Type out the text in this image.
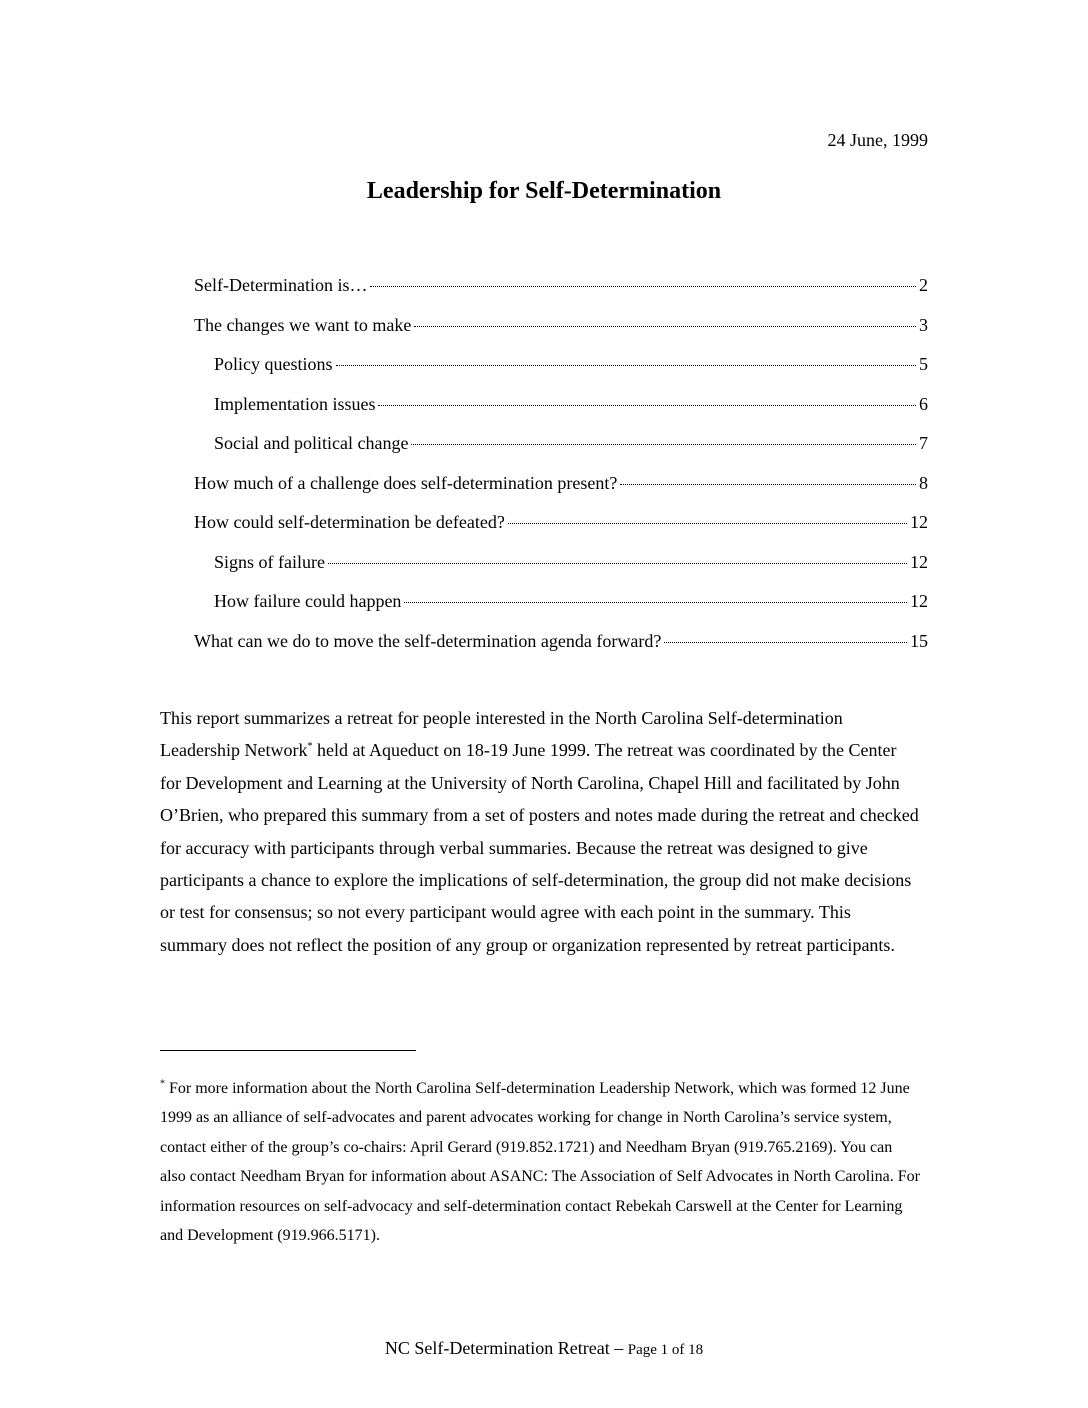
24 June, 1999
Leadership for Self-Determination
Self-Determination is…	2
The changes we want to make	3
Policy questions	5
Implementation issues	6
Social and political change	7
How much of a challenge does self-determination present?	8
How could self-determination be defeated?	12
Signs of failure	12
How failure could happen	12
What can we do to move the self-determination agenda forward?	15
This report summarizes a retreat for people interested in the North Carolina Self-determination Leadership Network* held at Aqueduct on 18-19 June 1999. The retreat was coordinated by the Center for Development and Learning at the University of North Carolina, Chapel Hill and facilitated by John O’Brien, who prepared this summary from a set of posters and notes made during the retreat and checked for accuracy with participants through verbal summaries. Because the retreat was designed to give participants a chance to explore the implications of self-determination, the group did not make decisions or test for consensus; so not every participant would agree with each point in the summary. This summary does not reflect the position of any group or organization represented by retreat participants.
* For more information about the North Carolina Self-determination Leadership Network, which was formed 12 June 1999 as an alliance of self-advocates and parent advocates working for change in North Carolina’s service system, contact either of the group’s co-chairs: April Gerard (919.852.1721) and Needham Bryan (919.765.2169). You can also contact Needham Bryan for information about ASANC: The Association of Self Advocates in North Carolina. For information resources on self-advocacy and self-determination contact Rebekah Carswell at the Center for Learning and Development (919.966.5171).
NC Self-Determination Retreat – Page 1 of 18
